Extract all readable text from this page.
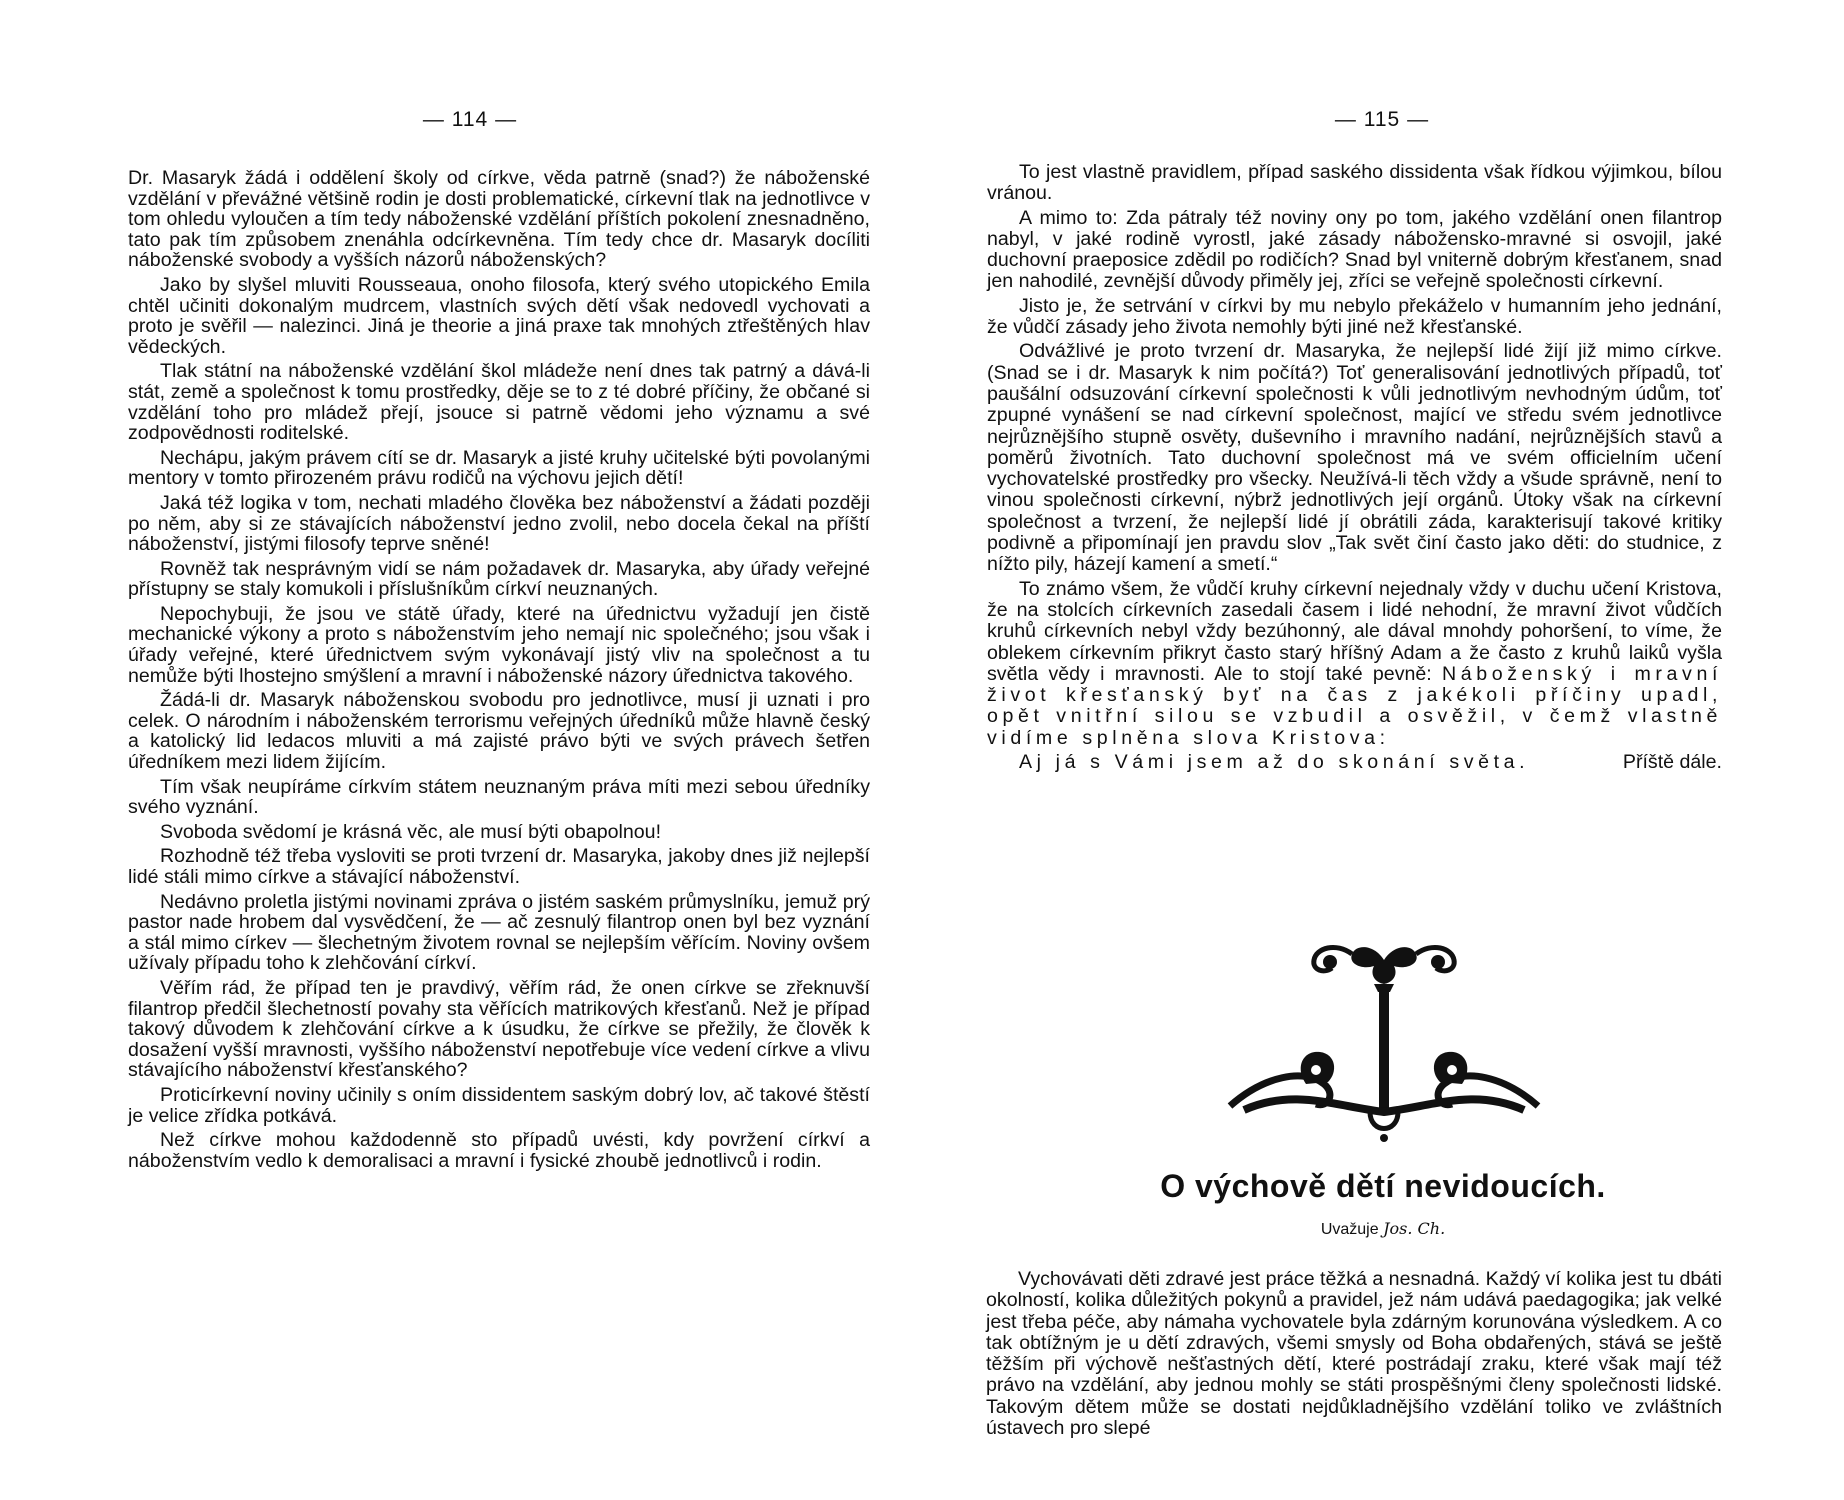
— 114 —

Dr. Masaryk žádá i oddělení školy od církve, věda patrně (snad?) že náboženské vzdělání v převážné většině rodin je dosti problematické, církevní tlak na jednotlivce v tom ohledu vyloučen a tím tedy náboženské vzdělání příštích pokolení znesnadněno, tato pak tím způsobem znenáhla odcírkevněna. Tím tedy chce dr. Masaryk docíliti náboženské svobody a vyšších názorů náboženských?

Jako by slyšel mluviti Rousseaua, onoho filosofa, který svého utopického Emila chtěl učiniti dokonalým mudrcem, vlastních svých dětí však nedovedl vychovati a proto je svěřil — nalezinci. Jiná je theorie a jiná praxe tak mnohých ztřeštěných hlav vědeckých.

Tlak státní na náboženské vzdělání škol mládeže není dnes tak patrný a dává-li stát, země a společnost k tomu prostředky, děje se to z té dobré příčiny, že občané si vzdělání toho pro mládež přejí, jsouce si patrně vědomi jeho významu a své zodpovědnosti roditelské.

Nechápu, jakým právem cítí se dr. Masaryk a jisté kruhy učitelské býti povolanými mentory v tomto přirozeném právu rodičů na výchovu jejich dětí!

Jaká též logika v tom, nechati mladého člověka bez náboženství a žádati později po něm, aby si ze stávajících náboženství jedno zvolil, nebo docela čekal na příští náboženství, jistými filosofy teprve sněné!

Rovněž tak nesprávným vidí se nám požadavek dr. Masaryka, aby úřady veřejné přístupny se staly komukoli i příslušníkům církví neuznaných.

Nepochybuji, že jsou ve státě úřady, které na úřednictvu vyžadují jen čistě mechanické výkony a proto s náboženstvím jeho nemají nic společného; jsou však i úřady veřejné, které úřednictvem svým vykonávají jistý vliv na společnost a tu nemůže býti lhostejno smýšlení a mravní i náboženské názory úřednictva takového.

Žádá-li dr. Masaryk náboženskou svobodu pro jednotlivce, musí ji uznati i pro celek. O národním i náboženském terrorismu veřejných úředníků může hlavně český a katolický lid ledacos mluviti a má zajisté právo býti ve svých právech šetřen úředníkem mezi lidem žijícím.

Tím však neupíráme církvím státem neuznaným práva míti mezi sebou úředníky svého vyznání.

Svoboda svědomí je krásná věc, ale musí býti obapolnou!

Rozhodně též třeba vysloviti se proti tvrzení dr. Masaryka, jakoby dnes již nejlepší lidé stáli mimo církve a stávající náboženství.

Nedávno proletla jistými novinami zpráva o jistém saském průmyslníku, jemuž prý pastor nade hrobem dal vysvědčení, že — ač zesnulý filantrop onen byl bez vyznání a stál mimo církev — šlechetným životem rovnal se nejlepším věřícím. Noviny ovšem užívaly případu toho k zlehčování církví.

Věřím rád, že případ ten je pravdivý, věřím rád, že onen církve se zřeknuvší filantrop předčil šlechetností povahy sta věřících matrikových křesťanů. Než je případ takový důvodem k zlehčování církve a k úsudku, že církve se přežily, že člověk k dosažení vyšší mravnosti, vyššího náboženství nepotřebuje více vedení církve a vlivu stávajícího náboženství křesťanského?

Proticírkevní noviny učinily s oním dissidentem saským dobrý lov, ač takové štěstí je velice zřídka potkává.

Než církve mohou každodenně sto případů uvésti, kdy povržení církví a náboženstvím vedlo k demoralisaci a mravní i fysické zhoubě jednotlivců i rodin.

— 115 —

To jest vlastně pravidlem, případ saského dissidenta však řídkou výjimkou, bílou vránou.

A mimo to: Zda pátraly též noviny ony po tom, jakého vzdělání onen filantrop nabyl, v jaké rodině vyrostl, jaké zásady nábožensko-mravné si osvojil, jaké duchovní praeposice zdědil po rodičích? Snad byl vniterně dobrým křesťanem, snad jen nahodilé, zevnější důvody přiměly jej, zříci se veřejně společnosti církevní.

Jisto je, že setrvání v církvi by mu nebylo překáželo v humanním jeho jednání, že vůdčí zásady jeho života nemohly býti jiné než křesťanské.

Odvážlivé je proto tvrzení dr. Masaryka, že nejlepší lidé žijí již mimo církve. (Snad se i dr. Masaryk k nim počítá?) Toť generalisování jednotlivých případů, toť paušální odsuzování církevní společnosti k vůli jednotlivým nevhodným údům, toť zpupné vynášení se nad církevní společnost, mající ve středu svém jednotlivce nejrůznějšího stupně osvěty, duševního i mravního nadání, nejrůznějších stavů a poměrů životních. Tato duchovní společnost má ve svém officielním učení vychovatelské prostředky pro všecky. Neužívá-li těch vždy a všude správně, není to vinou společnosti církevní, nýbrž jednotlivých její orgánů. Útoky však na církevní společnost a tvrzení, že nejlepší lidé jí obrátili záda, karakterisují takové kritiky podivně a připomínají jen pravdu slov „Tak svět činí často jako děti: do studnice, z nížto pily, házejí kamení a smetí.“

To známo všem, že vůdčí kruhy církevní nejednaly vždy v duchu učení Kristova, že na stolcích církevních zasedali časem i lidé nehodní, že mravní život vůdčích kruhů církevních nebyl vždy bezúhonný, ale dával mnohdy pohoršení, to víme, že oblekem církevním přikryt často starý hříšný Adam a že často z kruhů laiků vyšla světla vědy i mravnosti. Ale to stojí také pevně: Náboženský i mravní život křesťanský byť na čas z jakékoli příčiny upadl, opět vnitřní silou se vzbudil a osvěžil, v čemž vlastně vidíme splněna slova Kristova:

Aj já s Vámi jsem až do skonání světa.	Příště dále.

O výchově dětí nevidoucích.
Uvažuje Jos. Ch.

Vychovávati děti zdravé jest práce těžká a nesnadná. Každý ví kolika jest tu dbáti okolností, kolika důležitých pokynů a pravidel, jež nám udává paedagogika; jak velké jest třeba péče, aby námaha vychovatele byla zdárným korunována výsledkem. A co tak obtížným je u dětí zdravých, všemi smysly od Boha obdařených, stává se ještě těžším při výchově nešťastných dětí, které postrádají zraku, které však mají též právo na vzdělání, aby jednou mohly se státi prospěšnými členy společnosti lidské. Takovým dětem může se dostati nejdůkladnějšího vzdělání toliko ve zvláštních ústavech pro slepé
